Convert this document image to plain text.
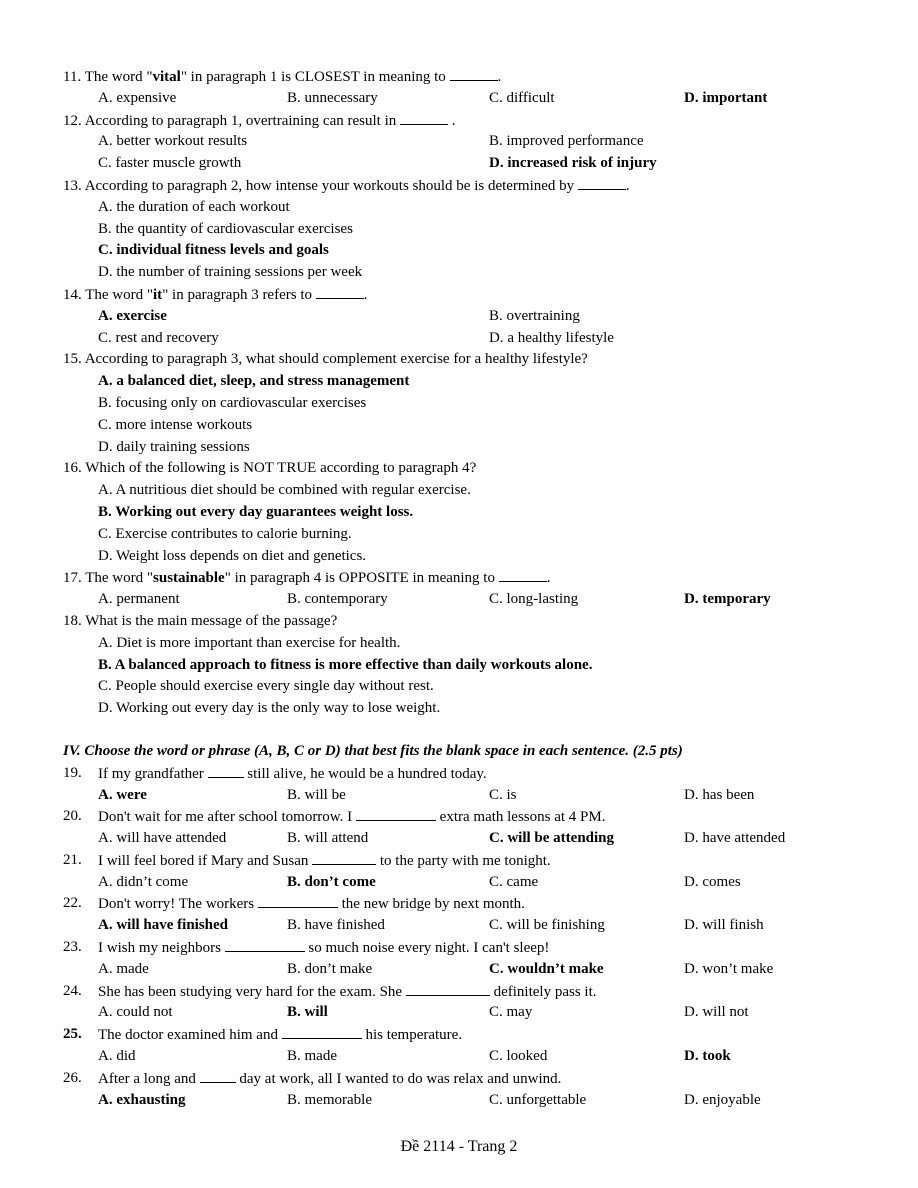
11. The word "vital" in paragraph 1 is CLOSEST in meaning to	.
A. expensive	B. unnecessary	C. difficult	D. important
12. According to paragraph 1, overtraining can result in	.
A. better workout results	B. improved performance
C. faster muscle growth	D. increased risk of injury
13. According to paragraph 2, how intense your workouts should be is determined by	.
A. the duration of each workout
B. the quantity of cardiovascular exercises
C. individual fitness levels and goals
D. the number of training sessions per week
14. The word "it" in paragraph 3 refers to	.
A. exercise	B. overtraining
C. rest and recovery	D. a healthy lifestyle
15. According to paragraph 3, what should complement exercise for a healthy lifestyle?
A. a balanced diet, sleep, and stress management
B. focusing only on cardiovascular exercises
C. more intense workouts
D. daily training sessions
16. Which of the following is NOT TRUE according to paragraph 4?
A. A nutritious diet should be combined with regular exercise.
B. Working out every day guarantees weight loss.
C. Exercise contributes to calorie burning.
D. Weight loss depends on diet and genetics.
17. The word "sustainable" in paragraph 4 is OPPOSITE in meaning to	.
A. permanent	B. contemporary	C. long-lasting	D. temporary
18. What is the main message of the passage?
A. Diet is more important than exercise for health.
B. A balanced approach to fitness is more effective than daily workouts alone.
C. People should exercise every single day without rest.
D. Working out every day is the only way to lose weight.
IV. Choose the word or phrase (A, B, C or D) that best fits the blank space in each sentence. (2.5 pts)
19. If my grandfather  still alive, he would be a hundred today.
A. were	B. will be	C. is	D. has been
20. Don't wait for me after school tomorrow. I	extra math lessons at 4 PM.
A. will have attended	B. will attend	C. will be attending	D. have attended
21. I will feel bored if Mary and Susan	to the party with me tonight.
A. didn’t come	B. don’t come	C. came	D. comes
22. Don't worry! The workers	the new bridge by next month.
A. will have finished	B. have finished	C. will be finishing	D. will finish
23. I wish my neighbors	so much noise every night. I can't sleep!
A. made	B. don’t make	C. wouldn’t make	D. won’t make
24. She has been studying very hard for the exam. She	definitely pass it.
A. could not	B. will	C. may	D. will not
25. The doctor examined him and	his temperature.
A. did	B. made	C. looked	D. took
26. After a long and  day at work, all I wanted to do was relax and unwind.
A. exhausting	B. memorable	C. unforgettable	D. enjoyable
Đề 2114 - Trang 2
